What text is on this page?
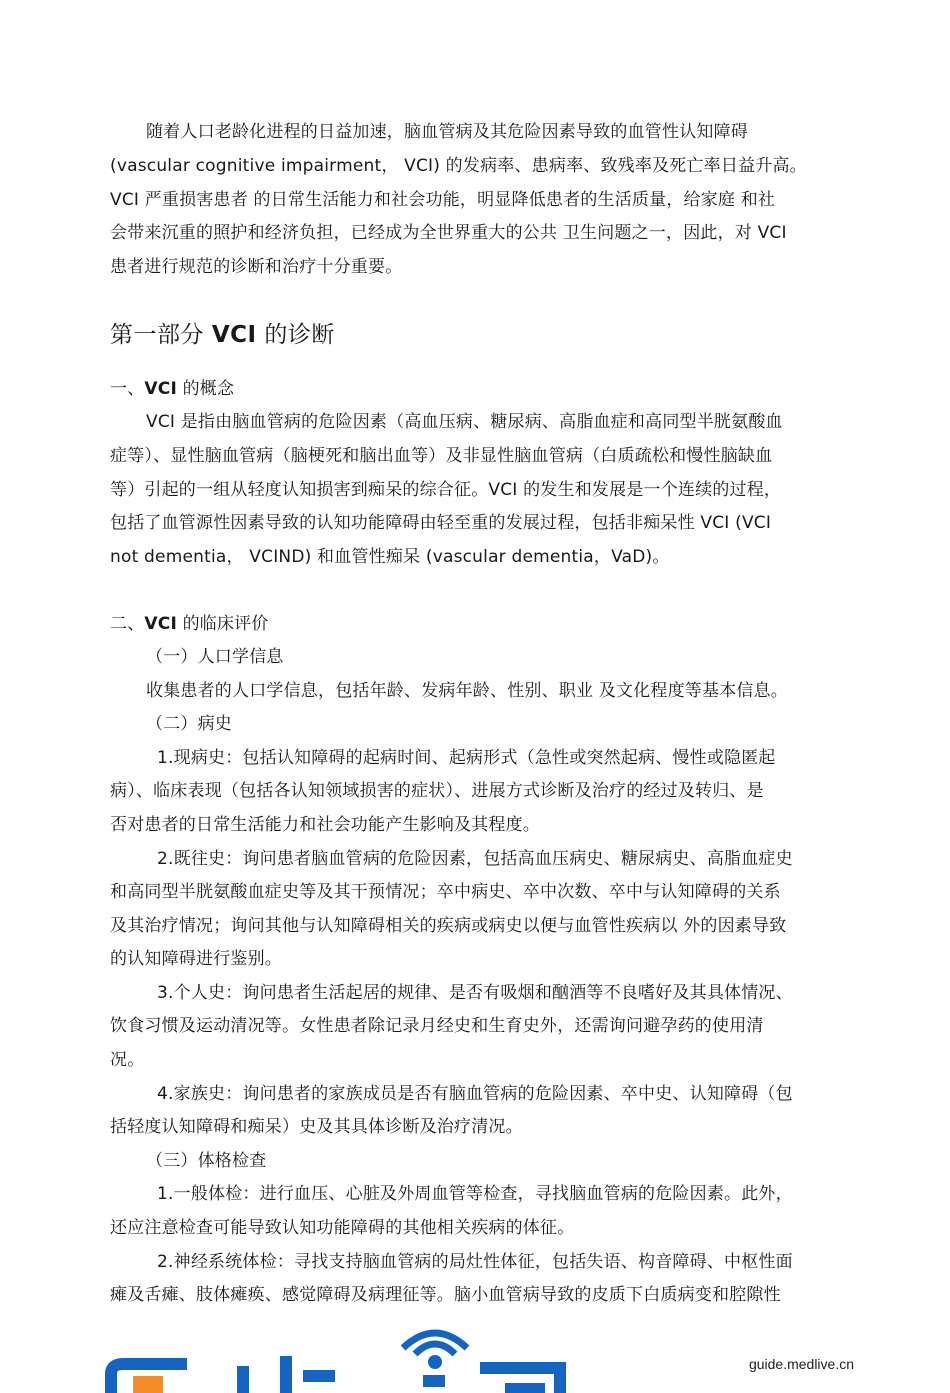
随着人口老龄化进程的日益加速，脑血管病及其危险因素导致的血管性认知障碍
(vascular cognitive impairment， VCI) 的发病率、患病率、致残率及死亡率日益升高。
VCI 严重损害患者 的日常生活能力和社会功能，明显降低患者的生活质量，给家庭 和社
会带来沉重的照护和经济负担，已经成为全世界重大的公共 卫生问题之一，因此，对 VCI
患者进行规范的诊断和治疗十分重要。
第一部分 VCI 的诊断
一、VCI 的概念
VCI 是指由脑血管病的危险因素（高血压病、糖尿病、高脂血症和高同型半胱氨酸血
症等）、显性脑血管病（脑梗死和脑出血等）及非显性脑血管病（白质疏松和慢性脑缺血
等）引起的一组从轻度认知损害到痴呆的综合征。VCI 的发生和发展是一个连续的过程，
包括了血管源性因素导致的认知功能障碍由轻至重的发展过程，包括非痴呆性 VCI (VCI
not dementia， VCIND) 和血管性痴呆 (vascular dementia，VaD)。
二、VCI 的临床评价
（一）人口学信息
收集患者的人口学信息，包括年龄、发病年龄、性别、职业 及文化程度等基本信息。
（二）病史
1.现病史：包括认知障碍的起病时间、起病形式（急性或突然起病、慢性或隐匿起
病）、临床表现（包括各认知领域损害的症状）、进展方式诊断及治疗的经过及转归、是
否对患者的日常生活能力和社会功能产生影响及其程度。
2.既往史：询问患者脑血管病的危险因素，包括高血压病史、糖尿病史、高脂血症史
和高同型半胱氨酸血症史等及其干预情况；卒中病史、卒中次数、卒中与认知障碍的关系
及其治疗情况；询问其他与认知障碍相关的疾病或病史以便与血管性疾病以 外的因素导致
的认知障碍进行鉴别。
3.个人史：询问患者生活起居的规律、是否有吸烟和酗酒等不良嗜好及其具体情况、
饮食习惯及运动清况等。女性患者除记录月经史和生育史外，还需询问避孕药的使用清
况。
4.家族史：询问患者的家族成员是否有脑血管病的危险因素、卒中史、认知障碍（包
括轻度认知障碍和痴呆）史及其具体诊断及治疗清况。
（三）体格检查
1.一般体检：进行血压、心脏及外周血管等检查，寻找脑血管病的危险因素。此外，
还应注意检查可能导致认知功能障碍的其他相关疾病的体征。
2.神经系统体检：寻找支持脑血管病的局灶性体征，包括失语、构音障碍、中枢性面
瘫及舌瘫、肢体瘫痪、感觉障碍及病理征等。脑小血管病导致的皮质下白质病变和腔隙性
guide.medlive.cn
